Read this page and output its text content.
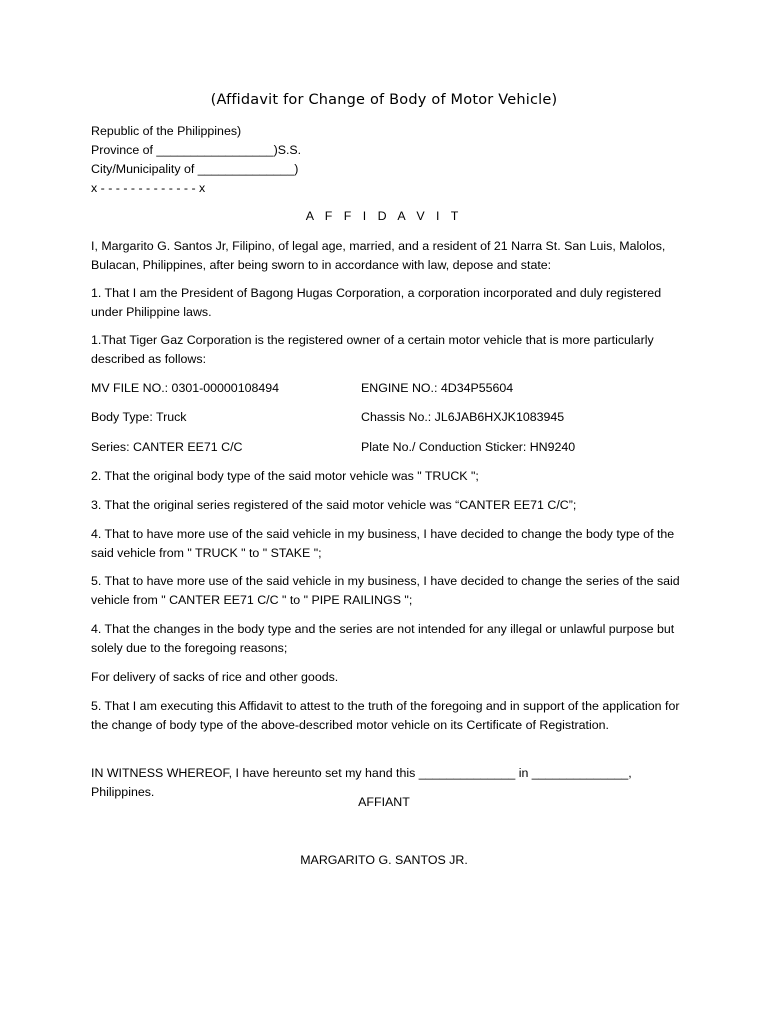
(Affidavit for Change of Body of Motor Vehicle)
Republic of the Philippines)
Province of _________________)S.S.
City/Municipality of ______________)
x - - - - - - - - - - - - - x
A F F I D A V I T
I, Margarito G. Santos Jr, Filipino, of legal age, married, and a resident of 21 Narra St. San Luis, Malolos, Bulacan, Philippines, after being sworn to in accordance with law, depose and state:
1. That I am the President of Bagong Hugas Corporation, a corporation incorporated and duly registered under Philippine laws.
1.That Tiger Gaz Corporation is the registered owner of a certain motor vehicle that is more particularly described as follows:
MV FILE NO.: 0301-00000108494	ENGINE NO.: 4D34P55604
Body Type: Truck	Chassis No.: JL6JAB6HXJK1083945
Series: CANTER EE71 C/C	Plate No./ Conduction Sticker: HN9240
2. That the original body type of the said motor vehicle was " TRUCK ";
3. That the original series registered of the said motor vehicle was “CANTER EE71 C/C”;
4. That to have more use of the said vehicle in my business, I have decided to change the body type of the said vehicle from " TRUCK " to " STAKE ";
5. That to have more use of the said vehicle in my business, I have decided to change the series of the said vehicle from " CANTER EE71 C/C " to " PIPE RAILINGS ";
4. That the changes in the body type and the series are not intended for any illegal or unlawful purpose but solely due to the foregoing reasons;
For delivery of sacks of rice and other goods.
5. That I am executing this Affidavit to attest to the truth of the foregoing and in support of the application for the change of body type of the above-described motor vehicle on its Certificate of Registration.
IN WITNESS WHEREOF, I have hereunto set my hand this ______________ in ______________, Philippines.
AFFIANT
MARGARITO G. SANTOS JR.
